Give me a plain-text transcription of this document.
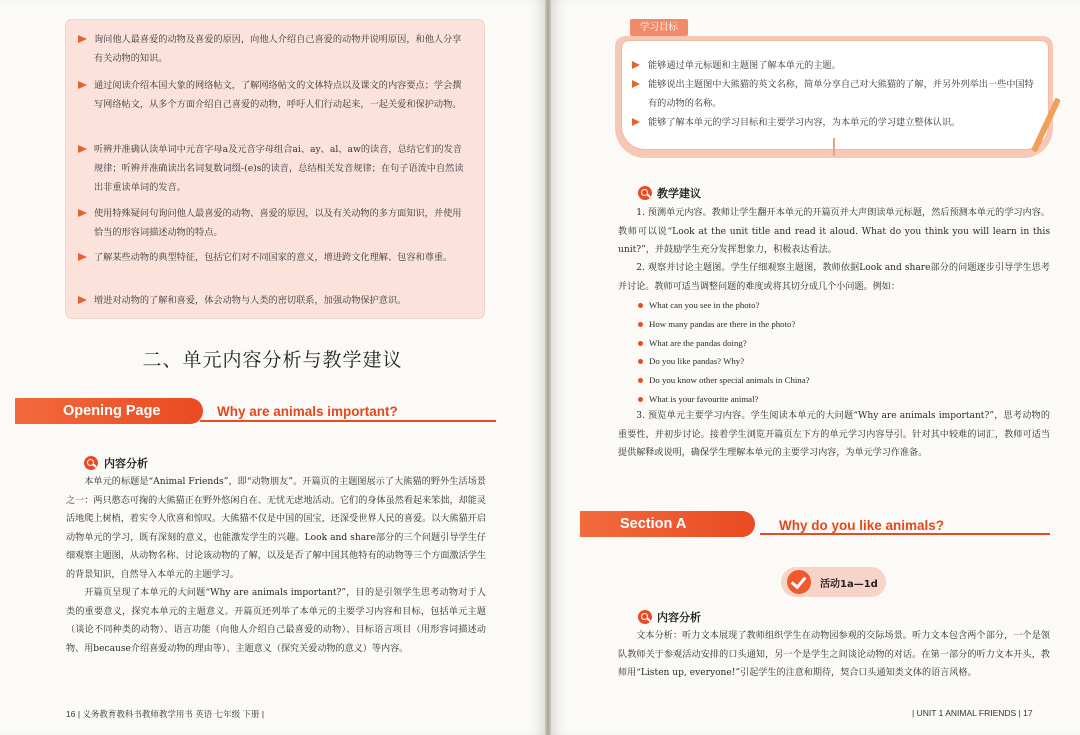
询问他人最喜爱的动物及喜爱的原因，向他人介绍自己喜爱的动物并说明原因，和他人分享有关动物的知识。
通过阅读介绍本国大象的网络帖文，了解网络帖文的文体特点以及课文的内容要点；学会撰写网络帖文，从多个方面介绍自己喜爱的动物，呼吁人们行动起来，一起关爱和保护动物。
听辨并准确认读单词中元音字母a及元音字母组合ai、ay、al、aw的读音，总结它们的发音规律；听辨并准确读出名词复数词缀-(e)s的读音，总结相关发音规律；在句子语流中自然读出非重读单词的发音。
使用特殊疑问句询问他人最喜爱的动物、喜爱的原因，以及有关动物的多方面知识，并使用恰当的形容词描述动物的特点。
了解某些动物的典型特征，包括它们对不同国家的意义，增进跨文化理解、包容和尊重。
增进对动物的了解和喜爱，体会动物与人类的密切联系，加强动物保护意识。
二、单元内容分析与教学建议
Opening Page	Why are animals important?
内容分析
本单元的标题是“Animal Friends”，即“动物朋友”。开篇页的主题图展示了大熊猫的野外生活场景之一：两只憨态可掬的大熊猫正在野外悠闲自在、无忧无虑地活动。它们的身体虽然看起来笨拙，却能灵活地爬上树梢，着实令人欣喜和惊叹。大熊猫不仅是中国的国宝，还深受世界人民的喜爱。以大熊猫开启动物单元的学习，既有深刻的意义，也能激发学生的兴趣。Look and share部分的三个问题引导学生仔细观察主题图，从动物名称、讨论该动物的了解，以及是否了解中国其他特有的动物等三个方面激活学生的背景知识，自然导入本单元的主题学习。
开篇页呈现了本单元的大问题“Why are animals important?”，目的是引领学生思考动物对于人类的重要意义，探究本单元的主题意义。开篇页还列举了本单元的主要学习内容和目标，包括单元主题（谈论不同种类的动物）、语言功能（向他人介绍自己最喜爱的动物）、目标语言项目（用形容词描述动物、用because介绍喜爱动物的理由等）、主题意义（探究关爱动物的意义）等内容。
16 | 义务教育教科书教师教学用书 英语 七年级 下册 |
学习目标
能够通过单元标题和主题图了解本单元的主题。
能够说出主题图中大熊猫的英文名称，简单分享自己对大熊猫的了解，并另外列举出一些中国特有的动物的名称。
能够了解本单元的学习目标和主要学习内容，为本单元的学习建立整体认识。
教学建议
1. 预测单元内容。教师让学生翻开本单元的开篇页并大声朗读单元标题，然后预测本单元的学习内容。教师可以说“Look at the unit title and read it aloud. What do you think you will learn in this unit?”，并鼓励学生充分发挥想象力，积极表达看法。
2. 观察并讨论主题图。学生仔细观察主题图，教师依据Look and share部分的问题逐步引导学生思考并讨论。教师可适当调整问题的难度或将其切分成几个小问题。例如：
What can you see in the photo?
How many pandas are there in the photo?
What are the pandas doing?
Do you like pandas? Why?
Do you know other special animals in China?
What is your favourite animal?
3. 预览单元主要学习内容。学生阅读本单元的大问题“Why are animals important?”，思考动物的重要性，并初步讨论。接着学生浏览开篇页左下方的单元学习内容导引。针对其中较难的词汇，教师可适当提供解释或说明，确保学生理解本单元的主要学习内容，为单元学习作准备。
Section A	Why do you like animals?
活动1a—1d
内容分析
文本分析：听力文本展现了教师组织学生在动物园参观的交际场景。听力文本包含两个部分，一个是领队教师关于参观活动安排的口头通知，另一个是学生之间谈论动物的对话。在第一部分的听力文本开头，教师用“Listen up, everyone!”引起学生的注意和期待，契合口头通知类文体的语言风格。
| UNIT 1 ANIMAL FRIENDS | 17
